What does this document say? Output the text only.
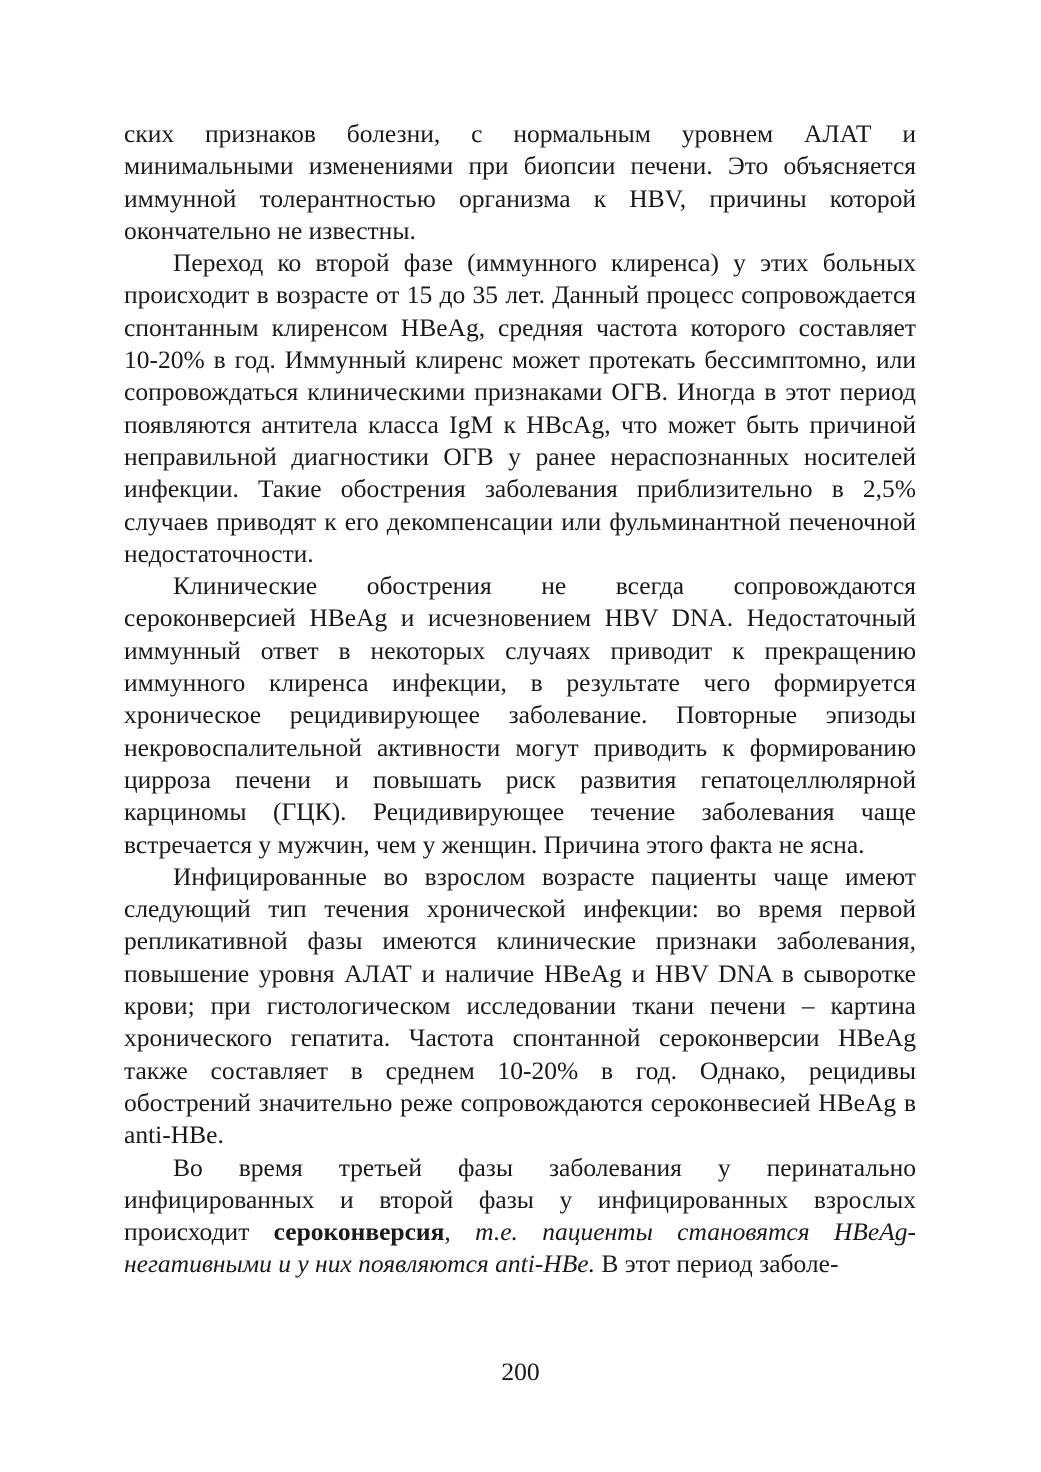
ских признаков болезни, с нормальным уровнем АЛАТ и минимальными изменениями при биопсии печени. Это объясняется иммунной толерантностью организма к HBV, причины которой окончательно не известны.

Переход ко второй фазе (иммунного клиренса) у этих больных происходит в возрасте от 15 до 35 лет. Данный процесс сопровождается спонтанным клиренсом HBeAg, средняя частота которого составляет 10-20% в год. Иммунный клиренс может протекать бессимптомно, или сопровождаться клиническими признаками ОГВ. Иногда в этот период появляются антитела класса IgM к HBcAg, что может быть причиной неправильной диагностики ОГВ у ранее нераспознанных носителей инфекции. Такие обострения заболевания приблизительно в 2,5% случаев приводят к его декомпенсации или фульминантной печеночной недостаточности.

Клинические обострения не всегда сопровождаются сероконверсией HBeAg и исчезновением HBV DNA. Недостаточный иммунный ответ в некоторых случаях приводит к прекращению иммунного клиренса инфекции, в результате чего формируется хроническое рецидивирующее заболевание. Повторные эпизоды некровоспалительной активности могут приводить к формированию цирроза печени и повышать риск развития гепатоцеллюлярной карциномы (ГЦК). Рецидивирующее течение заболевания чаще встречается у мужчин, чем у женщин. Причина этого факта не ясна.

Инфицированные во взрослом возрасте пациенты чаще имеют следующий тип течения хронической инфекции: во время первой репликативной фазы имеются клинические признаки заболевания, повышение уровня АЛАТ и наличие HBeAg и HBV DNA в сыворотке крови; при гистологическом исследовании ткани печени – картина хронического гепатита. Частота спонтанной сероконверсии HBeAg также составляет в среднем 10-20% в год. Однако, рецидивы обострений значительно реже сопровождаются сероконвесией HBeAg в anti-HBe.

Во время третьей фазы заболевания у перинатально инфицированных и второй фазы у инфицированных взрослых происходит сероконверсия, т.е. пациенты становятся HBeAg-негативными и у них появляются anti-HBe. В этот период заболе-

200
